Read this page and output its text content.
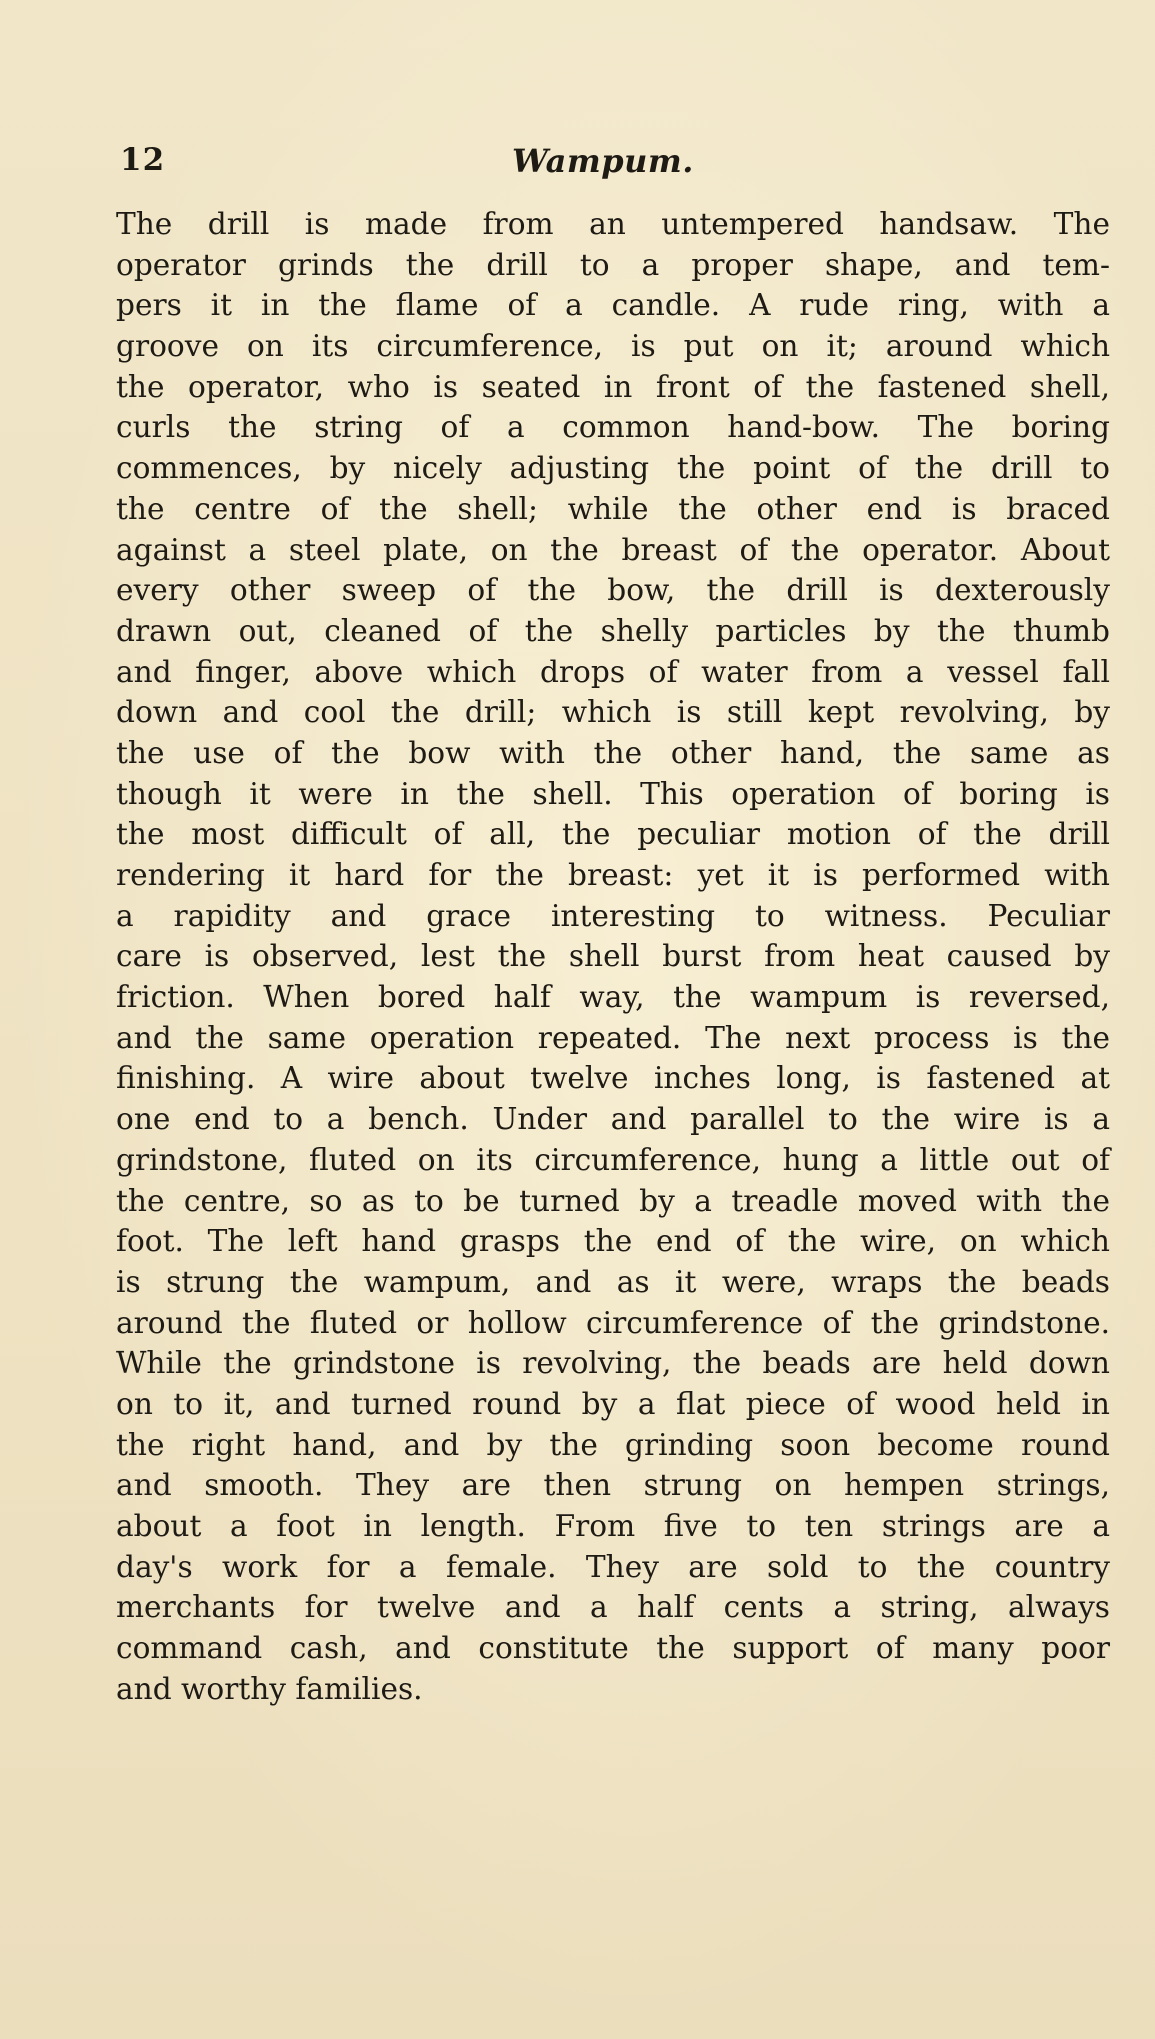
12	Wampum.
The drill is made from an untempered handsaw. The
operator grinds the drill to a proper shape, and tem-
pers it in the flame of a candle. A rude ring, with a
groove on its circumference, is put on it; around which
the operator, who is seated in front of the fastened shell,
curls the string of a common hand-bow. The boring
commences, by nicely adjusting the point of the drill to
the centre of the shell; while the other end is braced
against a steel plate, on the breast of the operator. About
every other sweep of the bow, the drill is dexterously
drawn out, cleaned of the shelly particles by the thumb
and finger, above which drops of water from a vessel fall
down and cool the drill; which is still kept revolving, by
the use of the bow with the other hand, the same as
though it were in the shell. This operation of boring is
the most difficult of all, the peculiar motion of the drill
rendering it hard for the breast: yet it is performed with
a rapidity and grace interesting to witness. Peculiar
care is observed, lest the shell burst from heat caused by
friction. When bored half way, the wampum is reversed,
and the same operation repeated. The next process is the
finishing. A wire about twelve inches long, is fastened at
one end to a bench. Under and parallel to the wire is a
grindstone, fluted on its circumference, hung a little out of
the centre, so as to be turned by a treadle moved with the
foot. The left hand grasps the end of the wire, on which
is strung the wampum, and as it were, wraps the beads
around the fluted or hollow circumference of the grindstone.
While the grindstone is revolving, the beads are held down
on to it, and turned round by a flat piece of wood held in
the right hand, and by the grinding soon become round
and smooth. They are then strung on hempen strings,
about a foot in length. From five to ten strings are a
day's work for a female. They are sold to the country
merchants for twelve and a half cents a string, always
command cash, and constitute the support of many poor
and worthy families.
